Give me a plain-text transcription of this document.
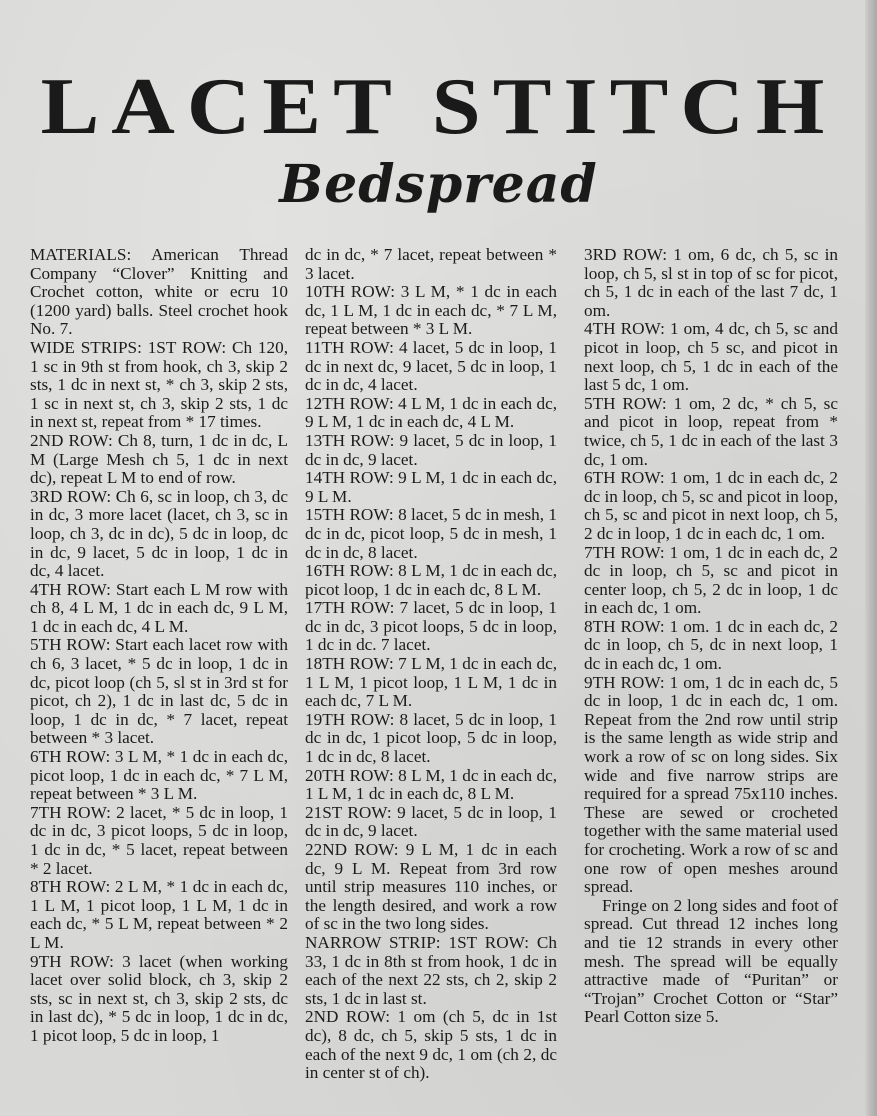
LACET STITCH
Bedspread

MATERIALS: American Thread Company “Clover” Knitting and Crochet cotton, white or ecru 10 (1200 yard) balls. Steel crochet hook No. 7.

WIDE STRIPS: 1ST ROW: Ch 120, 1 sc in 9th st from hook, ch 3, skip 2 sts, 1 dc in next st, * ch 3, skip 2 sts, 1 sc in next st, ch 3, skip 2 sts, 1 dc in next st, repeat from * 17 times.

2ND ROW: Ch 8, turn, 1 dc in dc, L M (Large Mesh ch 5, 1 dc in next dc), repeat L M to end of row.

3RD ROW: Ch 6, sc in loop, ch 3, dc in dc, 3 more lacet (lacet, ch 3, sc in loop, ch 3, dc in dc), 5 dc in loop, dc in dc, 9 lacet, 5 dc in loop, 1 dc in dc, 4 lacet.

4TH ROW: Start each L M row with ch 8, 4 L M, 1 dc in each dc, 9 L M, 1 dc in each dc, 4 L M.

5TH ROW: Start each lacet row with ch 6, 3 lacet, * 5 dc in loop, 1 dc in dc, picot loop (ch 5, sl st in 3rd st for picot, ch 2), 1 dc in last dc, 5 dc in loop, 1 dc in dc, * 7 lacet, repeat between * 3 lacet.

6TH ROW: 3 L M, * 1 dc in each dc, picot loop, 1 dc in each dc, * 7 L M, repeat between * 3 L M.

7TH ROW: 2 lacet, * 5 dc in loop, 1 dc in dc, 3 picot loops, 5 dc in loop, 1 dc in dc, * 5 lacet, repeat between * 2 lacet.

8TH ROW: 2 L M, * 1 dc in each dc, 1 L M, 1 picot loop, 1 L M, 1 dc in each dc, * 5 L M, repeat between * 2 L M.

9TH ROW: 3 lacet (when working lacet over solid block, ch 3, skip 2 sts, sc in next st, ch 3, skip 2 sts, dc in last dc), * 5 dc in loop, 1 dc in dc, 1 picot loop, 5 dc in loop, 1

dc in dc, * 7 lacet, repeat between * 3 lacet.

10TH ROW: 3 L M, * 1 dc in each dc, 1 L M, 1 dc in each dc, * 7 L M, repeat between * 3 L M.

11TH ROW: 4 lacet, 5 dc in loop, 1 dc in next dc, 9 lacet, 5 dc in loop, 1 dc in dc, 4 lacet.

12TH ROW: 4 L M, 1 dc in each dc, 9 L M, 1 dc in each dc, 4 L M.

13TH ROW: 9 lacet, 5 dc in loop, 1 dc in dc, 9 lacet.

14TH ROW: 9 L M, 1 dc in each dc, 9 L M.

15TH ROW: 8 lacet, 5 dc in mesh, 1 dc in dc, picot loop, 5 dc in mesh, 1 dc in dc, 8 lacet.

16TH ROW: 8 L M, 1 dc in each dc, picot loop, 1 dc in each dc, 8 L M.

17TH ROW: 7 lacet, 5 dc in loop, 1 dc in dc, 3 picot loops, 5 dc in loop, 1 dc in dc. 7 lacet.

18TH ROW: 7 L M, 1 dc in each dc, 1 L M, 1 picot loop, 1 L M, 1 dc in each dc, 7 L M.

19TH ROW: 8 lacet, 5 dc in loop, 1 dc in dc, 1 picot loop, 5 dc in loop, 1 dc in dc, 8 lacet.

20TH ROW: 8 L M, 1 dc in each dc, 1 L M, 1 dc in each dc, 8 L M.

21ST ROW: 9 lacet, 5 dc in loop, 1 dc in dc, 9 lacet.

22ND ROW: 9 L M, 1 dc in each dc, 9 L M. Repeat from 3rd row until strip measures 110 inches, or the length desired, and work a row of sc in the two long sides.

NARROW STRIP: 1ST ROW: Ch 33, 1 dc in 8th st from hook, 1 dc in each of the next 22 sts, ch 2, skip 2 sts, 1 dc in last st.

2ND ROW: 1 om (ch 5, dc in 1st dc), 8 dc, ch 5, skip 5 sts, 1 dc in each of the next 9 dc, 1 om (ch 2, dc in center st of ch).

3RD ROW: 1 om, 6 dc, ch 5, sc in loop, ch 5, sl st in top of sc for picot, ch 5, 1 dc in each of the last 7 dc, 1 om.

4TH ROW: 1 om, 4 dc, ch 5, sc and picot in loop, ch 5 sc, and picot in next loop, ch 5, 1 dc in each of the last 5 dc, 1 om.

5TH ROW: 1 om, 2 dc, * ch 5, sc and picot in loop, repeat from * twice, ch 5, 1 dc in each of the last 3 dc, 1 om.

6TH ROW: 1 om, 1 dc in each dc, 2 dc in loop, ch 5, sc and picot in loop, ch 5, sc and picot in next loop, ch 5, 2 dc in loop, 1 dc in each dc, 1 om.

7TH ROW: 1 om, 1 dc in each dc, 2 dc in loop, ch 5, sc and picot in center loop, ch 5, 2 dc in loop, 1 dc in each dc, 1 om.

8TH ROW: 1 om. 1 dc in each dc, 2 dc in loop, ch 5, dc in next loop, 1 dc in each dc, 1 om.

9TH ROW: 1 om, 1 dc in each dc, 5 dc in loop, 1 dc in each dc, 1 om. Repeat from the 2nd row until strip is the same length as wide strip and work a row of sc on long sides. Six wide and five narrow strips are required for a spread 75x110 inches. These are sewed or crocheted together with the same material used for crocheting. Work a row of sc and one row of open meshes around spread.

Fringe on 2 long sides and foot of spread. Cut thread 12 inches long and tie 12 strands in every other mesh. The spread will be equally attractive made of “Puritan” or “Trojan” Crochet Cotton or “Star” Pearl Cotton size 5.
